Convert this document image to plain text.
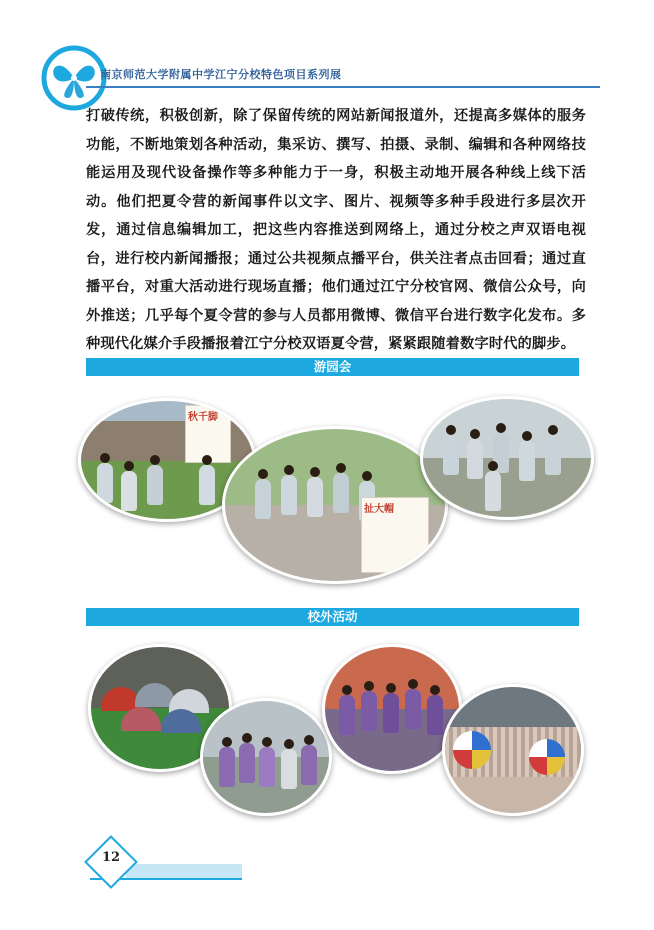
南京师范大学附属中学江宁分校特色项目系列展
打破传统，积极创新，除了保留传统的网站新闻报道外，还提高多媒体的服务功能，不断地策划各种活动，集采访、撰写、拍摄、录制、编辑和各种网络技能运用及现代设备操作等多种能力于一身，积极主动地开展各种线上线下活动。他们把夏令营的新闻事件以文字、图片、视频等多种手段进行多层次开发，通过信息编辑加工，把这些内容推送到网络上，通过分校之声双语电视台，进行校内新闻播报；通过公共视频点播平台，供关注者点击回看；通过直播平台，对重大活动进行现场直播；他们通过江宁分校官网、微信公众号，向外推送；几乎每个夏令营的参与人员都用微博、微信平台进行数字化发布。多种现代化媒介手段播报着江宁分校双语夏令营，紧紧跟随着数字时代的脚步。
游园会
秋千脚
扯大帽
校外活动
12
